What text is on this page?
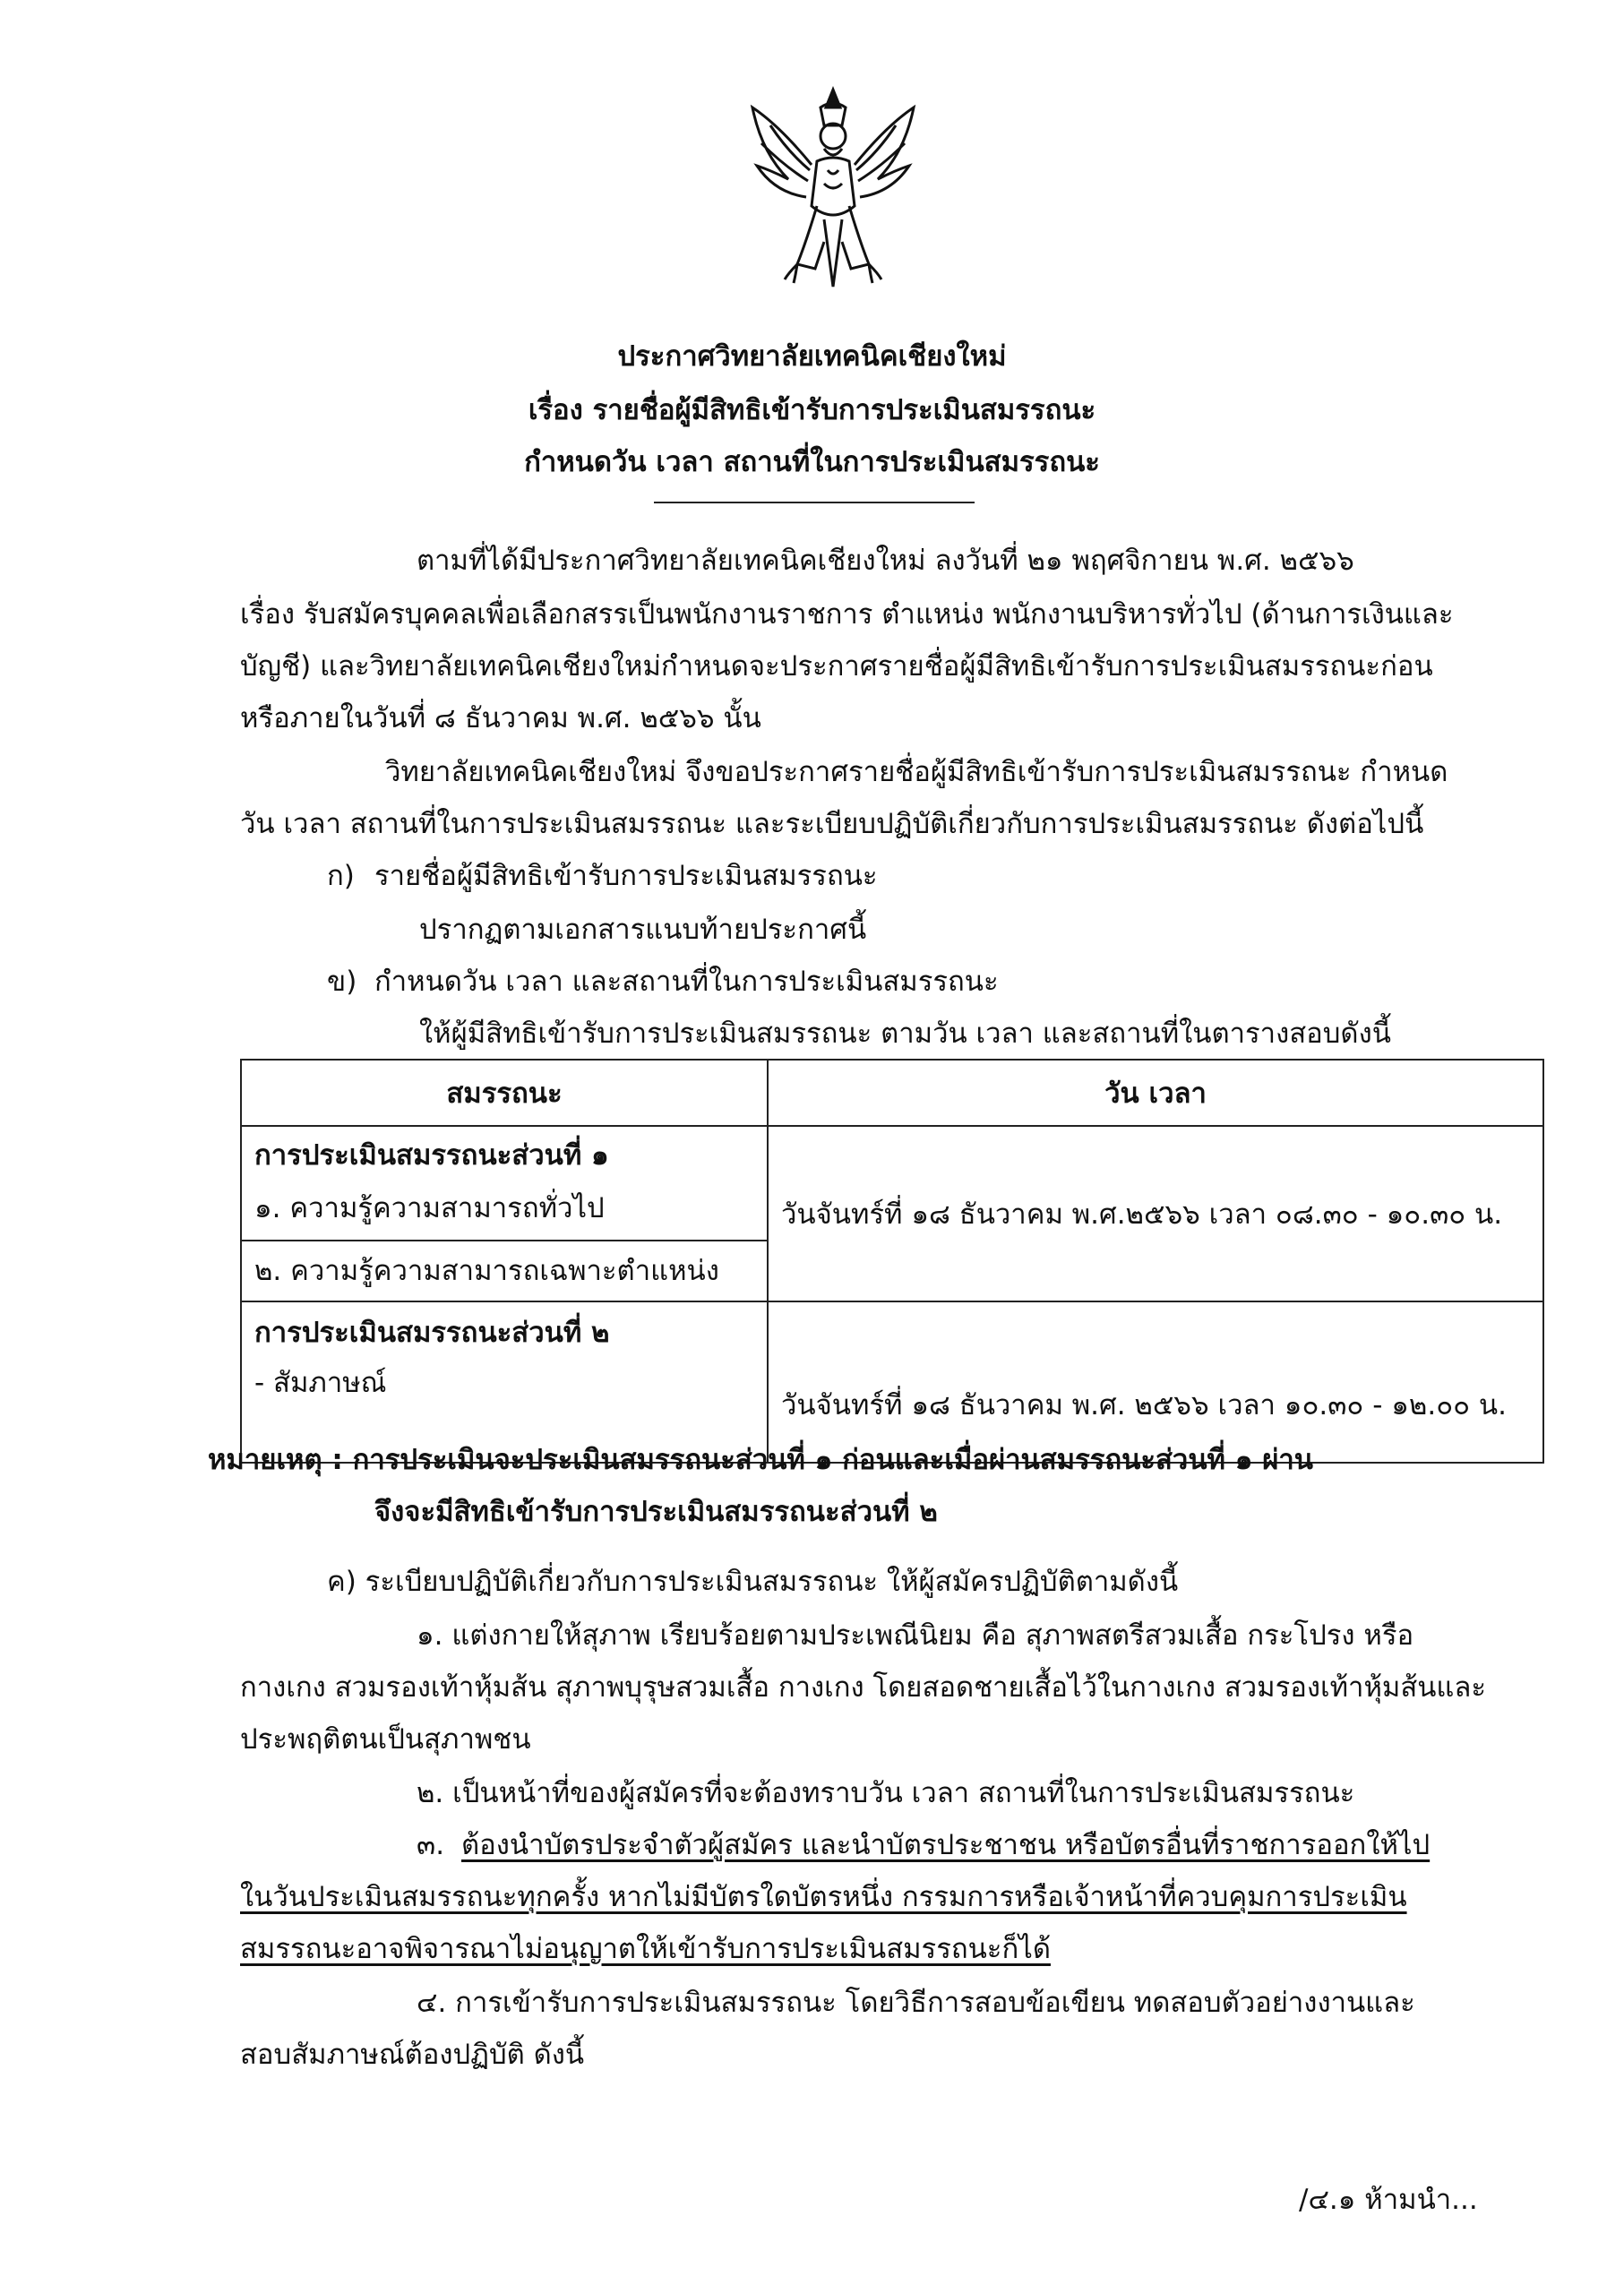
ประกาศวิทยาลัยเทคนิคเชียงใหม่
เรื่อง รายชื่อผู้มีสิทธิเข้ารับการประเมินสมรรถนะ
กำหนดวัน เวลา สถานที่ในการประเมินสมรรถนะ
ตามที่ได้มีประกาศวิทยาลัยเทคนิคเชียงใหม่ ลงวันที่ ๒๑ พฤศจิกายน พ.ศ. ๒๕๖๖
เรื่อง รับสมัครบุคคลเพื่อเลือกสรรเป็นพนักงานราชการ ตำแหน่ง พนักงานบริหารทั่วไป (ด้านการเงินและ
บัญชี) และวิทยาลัยเทคนิคเชียงใหม่กำหนดจะประกาศรายชื่อผู้มีสิทธิเข้ารับการประเมินสมรรถนะก่อน
หรือภายในวันที่ ๘ ธันวาคม พ.ศ. ๒๕๖๖ นั้น
วิทยาลัยเทคนิคเชียงใหม่ จึงขอประกาศรายชื่อผู้มีสิทธิเข้ารับการประเมินสมรรถนะ กำหนด
วัน เวลา สถานที่ในการประเมินสมรรถนะ และระเบียบปฏิบัติเกี่ยวกับการประเมินสมรรถนะ ดังต่อไปนี้
ก) รายชื่อผู้มีสิทธิเข้ารับการประเมินสมรรถนะ
ปรากฏตามเอกสารแนบท้ายประกาศนี้
ข) กำหนดวัน เวลา และสถานที่ในการประเมินสมรรถนะ
ให้ผู้มีสิทธิเข้ารับการประเมินสมรรถนะ ตามวัน เวลา และสถานที่ในตารางสอบดังนี้
สมรรถนะ	วัน เวลา

การประเมินสมรรถนะส่วนที่ ๑
๑. ความรู้ความสามารถทั่วไป	วันจันทร์ที่ ๑๘ ธันวาคม พ.ศ.๒๕๖๖ เวลา ๐๘.๓๐ - ๑๐.๓๐ น.

๒. ความรู้ความสามารถเฉพาะตำแหน่ง	

การประเมินสมรรถนะส่วนที่ ๒
- สัมภาษณ์	วันจันทร์ที่ ๑๘ ธันวาคม พ.ศ. ๒๕๖๖ เวลา ๑๐.๓๐ - ๑๒.๐๐ น.
หมายเหตุ : การประเมินจะประเมินสมรรถนะส่วนที่ ๑ ก่อนและเมื่อผ่านสมรรถนะส่วนที่ ๑ ผ่าน
จึงจะมีสิทธิเข้ารับการประเมินสมรรถนะส่วนที่ ๒
ค) ระเบียบปฏิบัติเกี่ยวกับการประเมินสมรรถนะ ให้ผู้สมัครปฏิบัติตามดังนี้
๑. แต่งกายให้สุภาพ เรียบร้อยตามประเพณีนิยม คือ สุภาพสตรีสวมเสื้อ กระโปรง หรือ
กางเกง สวมรองเท้าหุ้มส้น สุภาพบุรุษสวมเสื้อ กางเกง โดยสอดชายเสื้อไว้ในกางเกง สวมรองเท้าหุ้มส้นและ
ประพฤติตนเป็นสุภาพชน
๒. เป็นหน้าที่ของผู้สมัครที่จะต้องทราบวัน เวลา สถานที่ในการประเมินสมรรถนะ
๓. ต้องนำบัตรประจำตัวผู้สมัคร และนำบัตรประชาชน หรือบัตรอื่นที่ราชการออกให้ไป
ในวันประเมินสมรรถนะทุกครั้ง หากไม่มีบัตรใดบัตรหนึ่ง กรรมการหรือเจ้าหน้าที่ควบคุมการประเมิน
สมรรถนะอาจพิจารณาไม่อนุญาตให้เข้ารับการประเมินสมรรถนะก็ได้
๔. การเข้ารับการประเมินสมรรถนะ โดยวิธีการสอบข้อเขียน ทดสอบตัวอย่างงานและ
สอบสัมภาษณ์ต้องปฏิบัติ ดังนี้
/๔.๑ ห้ามนำ...
